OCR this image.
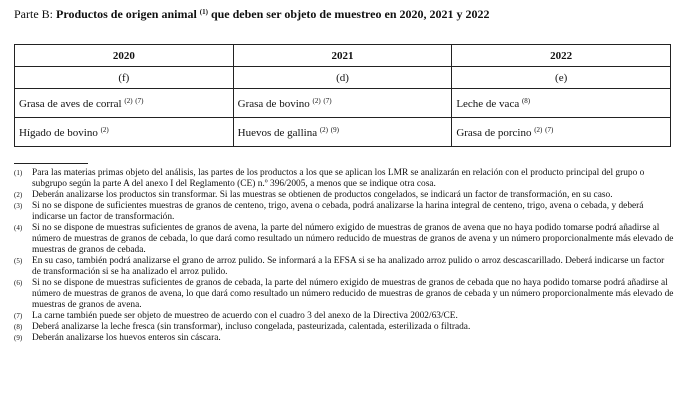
Parte B: Productos de origen animal $^{(1)}$ que deben ser objeto de muestreo en 2020, 2021 y 2022
2020	2021	2022
(f)	(d)	(e)
Grasa de aves de corral $^{(2)}$ $^{(7)}$	Grasa de bovino $^{(2)}$ $^{(7)}$	Leche de vaca $^{(8)}$
Hígado de bovino $^{(2)}$	Huevos de gallina $^{(2)}$ $^{(9)}$	Grasa de porcino $^{(2)}$ $^{(7)}$

$^{(1)}$ Para las materias primas objeto del análisis, las partes de los productos a los que se aplican los LMR se analizarán en relación con el producto principal del grupo o subgrupo según la parte A del anexo I del Reglamento (CE) n.º 396/2005, a menos que se indique otra cosa.

$^{(2)}$ Deberán analizarse los productos sin transformar. Si las muestras se obtienen de productos congelados, se indicará un factor de transformación, en su caso.

$^{(3)}$ Si no se dispone de suficientes muestras de granos de centeno, trigo, avena o cebada, podrá analizarse la harina integral de centeno, trigo, avena o cebada, y deberá indicarse un factor de transformación.

$^{(4)}$ Si no se dispone de muestras suficientes de granos de avena, la parte del número exigido de muestras de granos de avena que no haya podido tomarse podrá añadirse al número de muestras de granos de cebada, lo que dará como resultado un número reducido de muestras de granos de avena y un número proporcionalmente más elevado de muestras de granos de cebada.

$^{(5)}$ En su caso, también podrá analizarse el grano de arroz pulido. Se informará a la EFSA si se ha analizado arroz pulido o arroz descascarillado. Deberá indicarse un factor de transformación si se ha analizado el arroz pulido.

$^{(6)}$ Si no se dispone de muestras suficientes de granos de cebada, la parte del número exigido de muestras de granos de cebada que no haya podido tomarse podrá añadirse al número de muestras de granos de avena, lo que dará como resultado un número reducido de muestras de granos de cebada y un número proporcionalmente más elevado de muestras de granos de avena.

$^{(7)}$ La carne también puede ser objeto de muestreo de acuerdo con el cuadro 3 del anexo de la Directiva 2002/63/CE.

$^{(8)}$ Deberá analizarse la leche fresca (sin transformar), incluso congelada, pasteurizada, calentada, esterilizada o filtrada.

$^{(9)}$ Deberán analizarse los huevos enteros sin cáscara.
